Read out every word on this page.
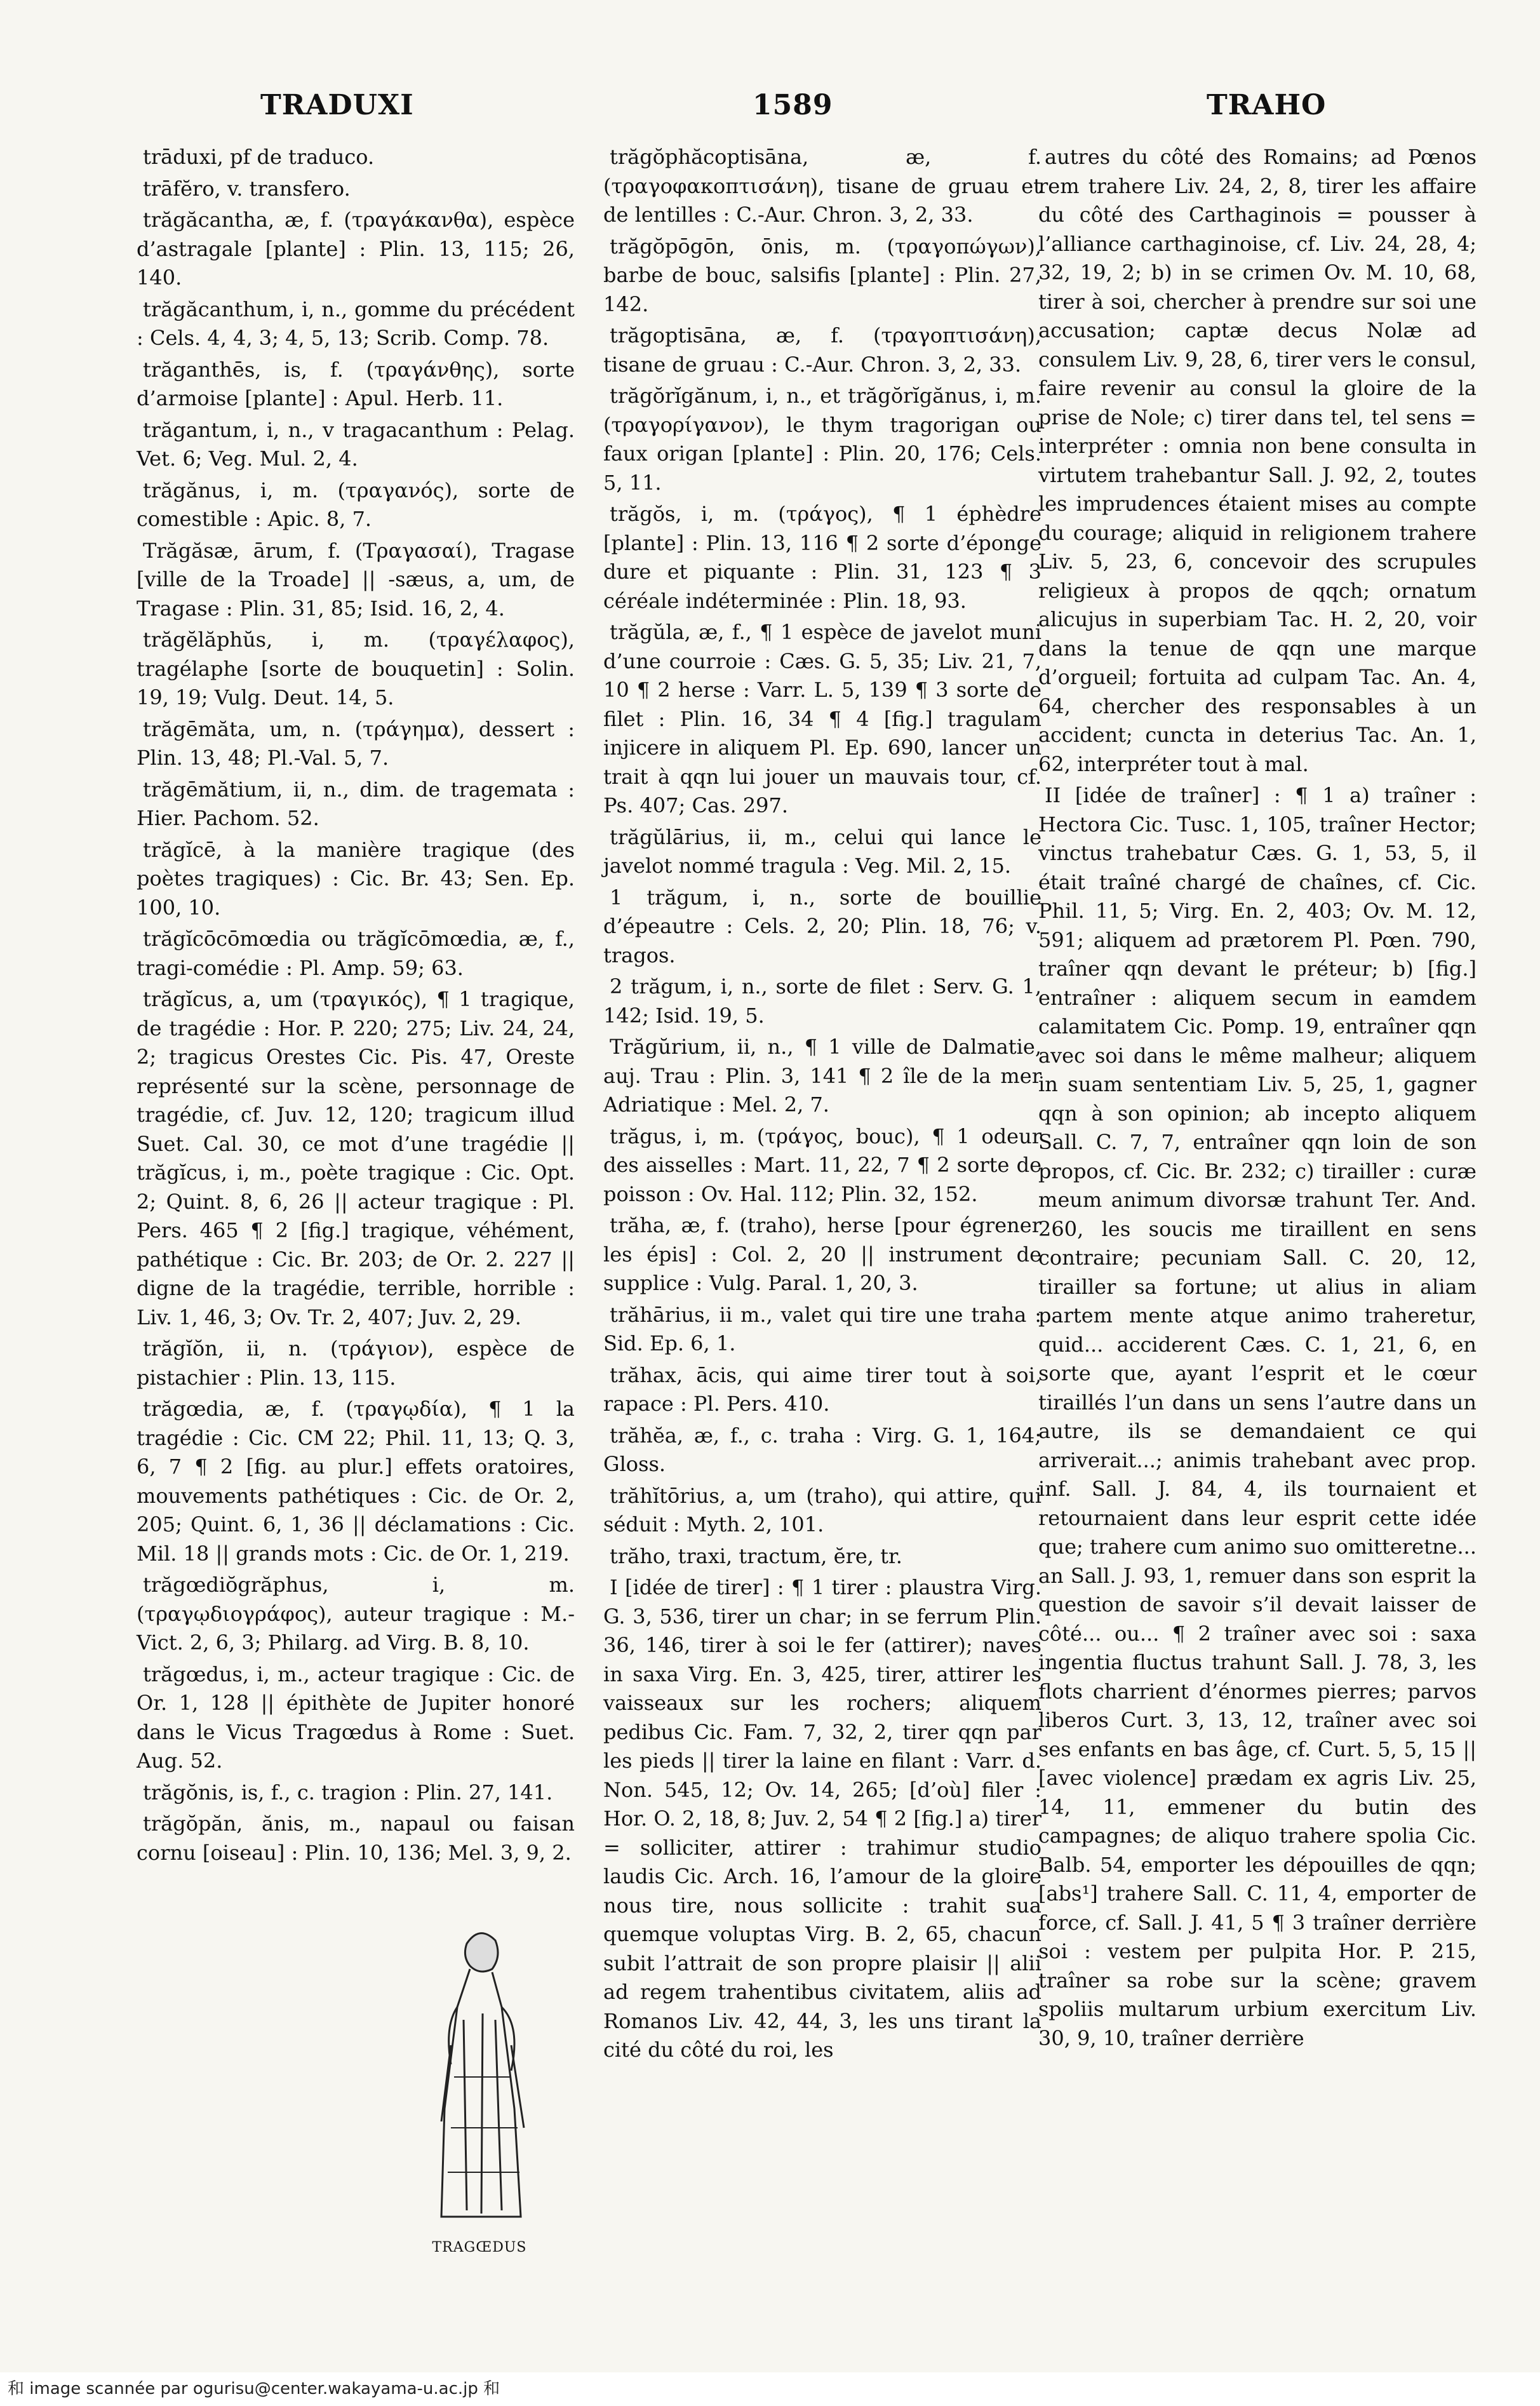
TRADUXI	1589	TRAHO

trāduxi, pf de traduco.

trāfĕro, v. transfero.

trăgăcantha, æ, f. (τραγάκανθα), espèce d’astragale [plante] : Plin. 13, 115; 26, 140.

trăgăcanthum, i, n., gomme du précédent : Cels. 4, 4, 3; 4, 5, 13; Scrib. Comp. 78.

trăganthēs, is, f. (τραγάνθης), sorte d’armoise [plante] : Apul. Herb. 11.

trăgantum, i, n., v tragacanthum : Pelag. Vet. 6; Veg. Mul. 2, 4.

trăgănus, i, m. (τραγανός), sorte de comestible : Apic. 8, 7.

Trăgăsæ, ārum, f. (Τραγασαί), Tragase [ville de la Troade] || -sæus, a, um, de Tragase : Plin. 31, 85; Isid. 16, 2, 4.

trăgĕlăphŭs, i, m. (τραγέλαφος), tragélaphe [sorte de bouquetin] : Solin. 19, 19; Vulg. Deut. 14, 5.

trăgēmăta, um, n. (τράγημα), dessert : Plin. 13, 48; Pl.-Val. 5, 7.

trăgēmătium, ii, n., dim. de tragemata : Hier. Pachom. 52.

trăgĭcē, à la manière tragique (des poètes tragiques) : Cic. Br. 43; Sen. Ep. 100, 10.

trăgĭcōcōmœdia ou trăgĭcōmœdia, æ, f., tragi-comédie : Pl. Amp. 59; 63.

trăgĭcus, a, um (τραγικός), ¶ 1 tragique, de tragédie : Hor. P. 220; 275; Liv. 24, 24, 2; tragicus Orestes Cic. Pis. 47, Oreste représenté sur la scène, personnage de tragédie, cf. Juv. 12, 120; tragicum illud Suet. Cal. 30, ce mot d’une tragédie || trăgĭcus, i, m., poète tragique : Cic. Opt. 2; Quint. 8, 6, 26 || acteur tragique : Pl. Pers. 465 ¶ 2 [fig.] tragique, véhément, pathétique : Cic. Br. 203; de Or. 2. 227 || digne de la tragédie, terrible, horrible : Liv. 1, 46, 3; Ov. Tr. 2, 407; Juv. 2, 29.

trăgĭŏn, ii, n. (τράγιον), espèce de pistachier : Plin. 13, 115.

trăgœdia, æ, f. (τραγῳδία), ¶ 1 la tragédie : Cic. CM 22; Phil. 11, 13; Q. 3, 6, 7 ¶ 2 [fig. au plur.] effets oratoires, mouvements pathétiques : Cic. de Or. 2, 205; Quint. 6, 1, 36 || déclamations : Cic. Mil. 18 || grands mots : Cic. de Or. 1, 219.

trăgœdiŏgrăphus, i, m. (τραγῳδιογράφος), auteur tragique : M.-Vict. 2, 6, 3; Philarg. ad Virg. B. 8, 10.

trăgœdus, i, m., acteur tragique : Cic. de Or. 1, 128 || épithète de Jupiter honoré dans le Vicus Tragœdus à Rome : Suet. Aug. 52.

trăgŏnis, is, f., c. tragion : Plin. 27, 141.

trăgŏpăn, ănis, m., napaul ou faisan cornu [oiseau] : Plin. 10, 136; Mel. 3, 9, 2.

trăgŏphăcoptisāna, æ, f. (τραγοφακοπτισάνη), tisane de gruau et de lentilles : C.-Aur. Chron. 3, 2, 33.

trăgŏpōgōn, ōnis, m. (τραγοπώγων), barbe de bouc, salsifis [plante] : Plin. 27, 142.

trăgoptisāna, æ, f. (τραγοπτισάνη), tisane de gruau : C.-Aur. Chron. 3, 2, 33.

trăgŏrĭgănum, i, n., et trăgŏrĭgănus, i, m. (τραγορίγανον), le thym tragorigan ou faux origan [plante] : Plin. 20, 176; Cels. 5, 11.

trăgŏs, i, m. (τράγος), ¶ 1 éphèdre [plante] : Plin. 13, 116 ¶ 2 sorte d’éponge dure et piquante : Plin. 31, 123 ¶ 3 céréale indéterminée : Plin. 18, 93.

trăgŭla, æ, f., ¶ 1 espèce de javelot muni d’une courroie : Cæs. G. 5, 35; Liv. 21, 7, 10 ¶ 2 herse : Varr. L. 5, 139 ¶ 3 sorte de filet : Plin. 16, 34 ¶ 4 [fig.] tragulam injicere in aliquem Pl. Ep. 690, lancer un trait à qqn lui jouer un mauvais tour, cf. Ps. 407; Cas. 297.

trăgŭlārius, ii, m., celui qui lance le javelot nommé tragula : Veg. Mil. 2, 15.

1 trăgum, i, n., sorte de bouillie d’épeautre : Cels. 2, 20; Plin. 18, 76; v. tragos.

2 trăgum, i, n., sorte de filet : Serv. G. 1, 142; Isid. 19, 5.

Trăgŭrium, ii, n., ¶ 1 ville de Dalmatie, auj. Trau : Plin. 3, 141 ¶ 2 île de la mer Adriatique : Mel. 2, 7.

trăgus, i, m. (τράγος, bouc), ¶ 1 odeur des aisselles : Mart. 11, 22, 7 ¶ 2 sorte de poisson : Ov. Hal. 112; Plin. 32, 152.

trăha, æ, f. (traho), herse [pour égrener les épis] : Col. 2, 20 || instrument de supplice : Vulg. Paral. 1, 20, 3.

trăhārius, ii m., valet qui tire une traha : Sid. Ep. 6, 1.

trăhax, ācis, qui aime tirer tout à soi, rapace : Pl. Pers. 410.

trăhĕa, æ, f., c. traha : Virg. G. 1, 164; Gloss.

trăhĭtōrius, a, um (traho), qui attire, qui séduit : Myth. 2, 101.

trăho, traxi, tractum, ĕre, tr.

I [idée de tirer] : ¶ 1 tirer : plaustra Virg. G. 3, 536, tirer un char; in se ferrum Plin. 36, 146, tirer à soi le fer (attirer); naves in saxa Virg. En. 3, 425, tirer, attirer les vaisseaux sur les rochers; aliquem pedibus Cic. Fam. 7, 32, 2, tirer qqn par les pieds || tirer la laine en filant : Varr. d. Non. 545, 12; Ov. 14, 265; [d’où] filer : Hor. O. 2, 18, 8; Juv. 2, 54 ¶ 2 [fig.] a) tirer = solliciter, attirer : trahimur studio laudis Cic. Arch. 16, l’amour de la gloire nous tire, nous sollicite : trahit sua quemque voluptas Virg. B. 2, 65, chacun subit l’attrait de son propre plaisir || alii ad regem trahentibus civitatem, aliis ad Romanos Liv. 42, 44, 3, les uns tirant la cité du côté du roi, les

autres du côté des Romains; ad Pœnos rem trahere Liv. 24, 2, 8, tirer les affaire du côté des Carthaginois = pousser à l’alliance carthaginoise, cf. Liv. 24, 28, 4; 32, 19, 2; b) in se crimen Ov. M. 10, 68, tirer à soi, chercher à prendre sur soi une accusation; captæ decus Nolæ ad consulem Liv. 9, 28, 6, tirer vers le consul, faire revenir au consul la gloire de la prise de Nole; c) tirer dans tel, tel sens = interpréter : omnia non bene consulta in virtutem trahebantur Sall. J. 92, 2, toutes les imprudences étaient mises au compte du courage; aliquid in religionem trahere Liv. 5, 23, 6, concevoir des scrupules religieux à propos de qqch; ornatum alicujus in superbiam Tac. H. 2, 20, voir dans la tenue de qqn une marque d’orgueil; fortuita ad culpam Tac. An. 4, 64, chercher des responsables à un accident; cuncta in deterius Tac. An. 1, 62, interpréter tout à mal.

II [idée de traîner] : ¶ 1 a) traîner : Hectora Cic. Tusc. 1, 105, traîner Hector; vinctus trahebatur Cæs. G. 1, 53, 5, il était traîné chargé de chaînes, cf. Cic. Phil. 11, 5; Virg. En. 2, 403; Ov. M. 12, 591; aliquem ad prætorem Pl. Pœn. 790, traîner qqn devant le préteur; b) [fig.] entraîner : aliquem secum in eamdem calamitatem Cic. Pomp. 19, entraîner qqn avec soi dans le même malheur; aliquem in suam sententiam Liv. 5, 25, 1, gagner qqn à son opinion; ab incepto aliquem Sall. C. 7, 7, entraîner qqn loin de son propos, cf. Cic. Br. 232; c) tirailler : curæ meum animum divorsæ trahunt Ter. And. 260, les soucis me tiraillent en sens contraire; pecuniam Sall. C. 20, 12, tirailler sa fortune; ut alius in aliam partem mente atque animo traheretur, quid... acciderent Cæs. C. 1, 21, 6, en sorte que, ayant l’esprit et le cœur tiraillés l’un dans un sens l’autre dans un autre, ils se demandaient ce qui arriverait...; animis trahebant avec prop. inf. Sall. J. 84, 4, ils tournaient et retournaient dans leur esprit cette idée que; trahere cum animo suo omitteretne... an Sall. J. 93, 1, remuer dans son esprit la question de savoir s’il devait laisser de côté... ou... ¶ 2 traîner avec soi : saxa ingentia fluctus trahunt Sall. J. 78, 3, les flots charrient d’énormes pierres; parvos liberos Curt. 3, 13, 12, traîner avec soi ses enfants en bas âge, cf. Curt. 5, 5, 15 || [avec violence] prædam ex agris Liv. 25, 14, 11, emmener du butin des campagnes; de aliquo trahere spolia Cic. Balb. 54, emporter les dépouilles de qqn; [abs¹] trahere Sall. C. 11, 4, emporter de force, cf. Sall. J. 41, 5 ¶ 3 traîner derrière soi : vestem per pulpita Hor. P. 215, traîner sa robe sur la scène; gravem spoliis multarum urbium exercitum Liv. 30, 9, 10, traîner derrière

TRAGŒDUS
和 image scannée par ogurisu@center.wakayama-u.ac.jp 和
